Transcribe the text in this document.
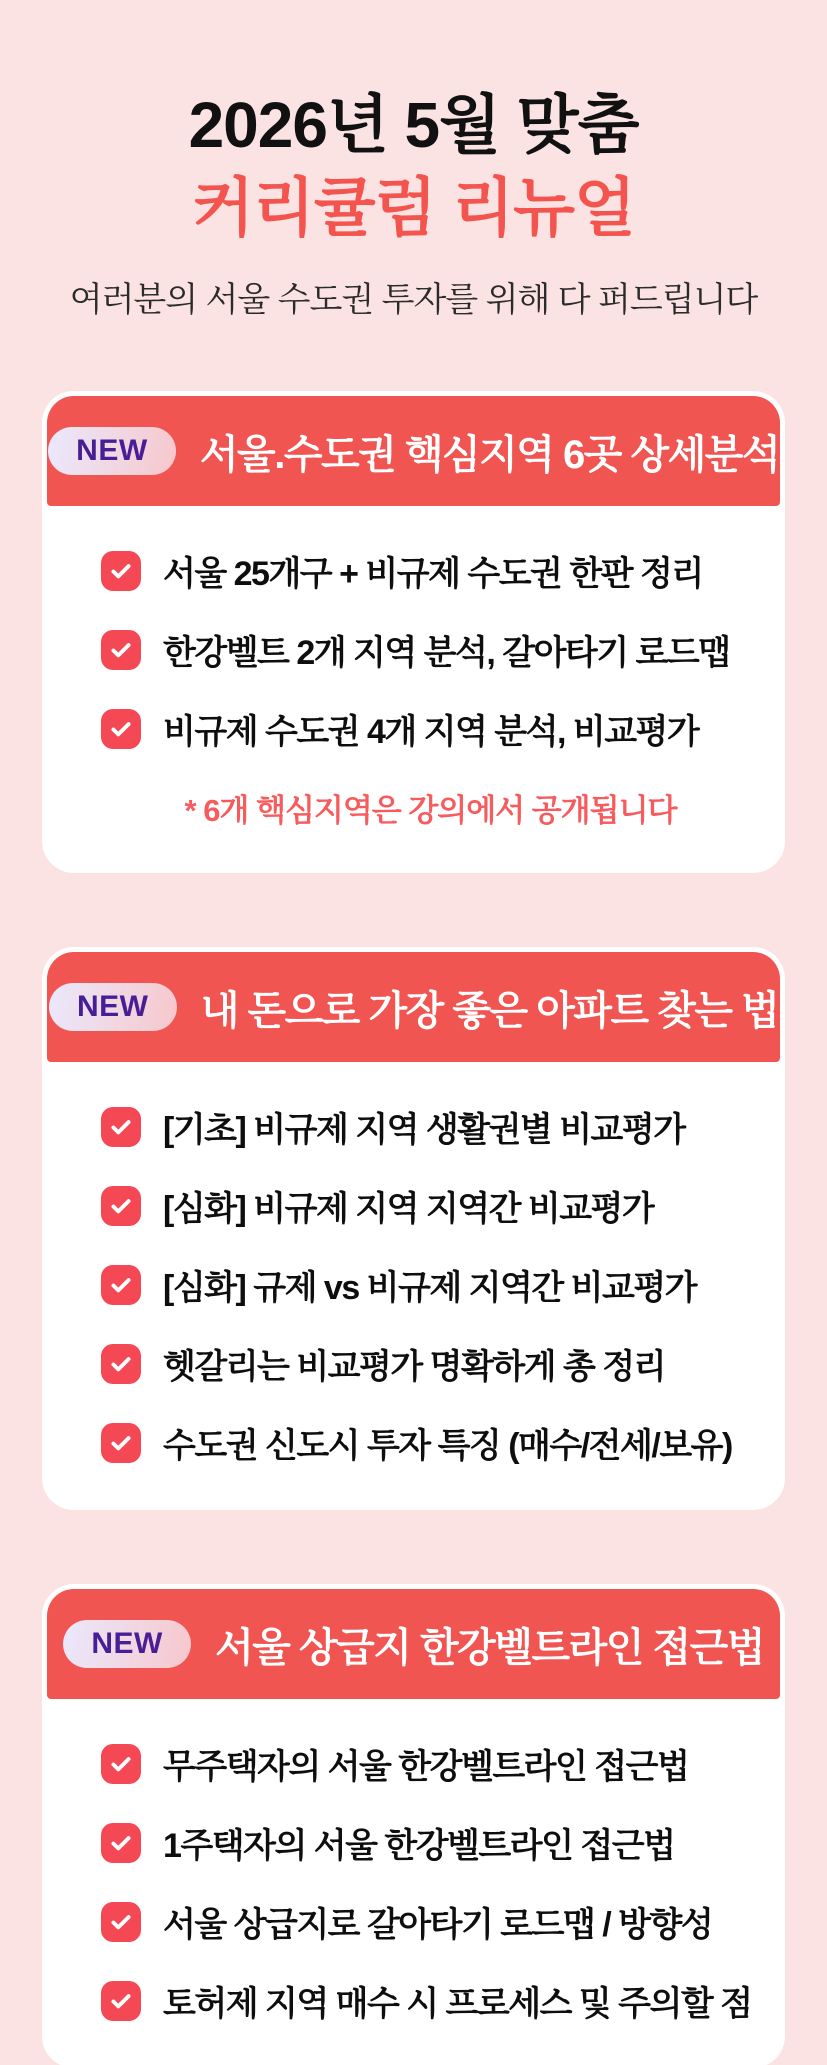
2026년 5월 맞춤
커리큘럼 리뉴얼
여러분의 서울 수도권 투자를 위해 다 퍼드립니다
NEW	서울.수도권 핵심지역 6곳 상세분석
서울 25개구 + 비규제 수도권 한판 정리
한강벨트 2개 지역 분석, 갈아타기 로드맵
비규제 수도권 4개 지역 분석, 비교평가

* 6개 핵심지역은 강의에서 공개됩니다

NEW	내 돈으로 가장 좋은 아파트 찾는 법
[기초] 비규제 지역 생활권별 비교평가
[심화] 비규제 지역 지역간 비교평가
[심화] 규제 vs 비규제 지역간 비교평가
헷갈리는 비교평가 명확하게 총 정리
수도권 신도시 투자 특징 (매수/전세/보유)
NEW	서울 상급지 한강벨트라인 접근법
무주택자의 서울 한강벨트라인 접근법
1주택자의 서울 한강벨트라인 접근법
서울 상급지로 갈아타기 로드맵 / 방향성
토허제 지역 매수 시 프로세스 및 주의할 점
